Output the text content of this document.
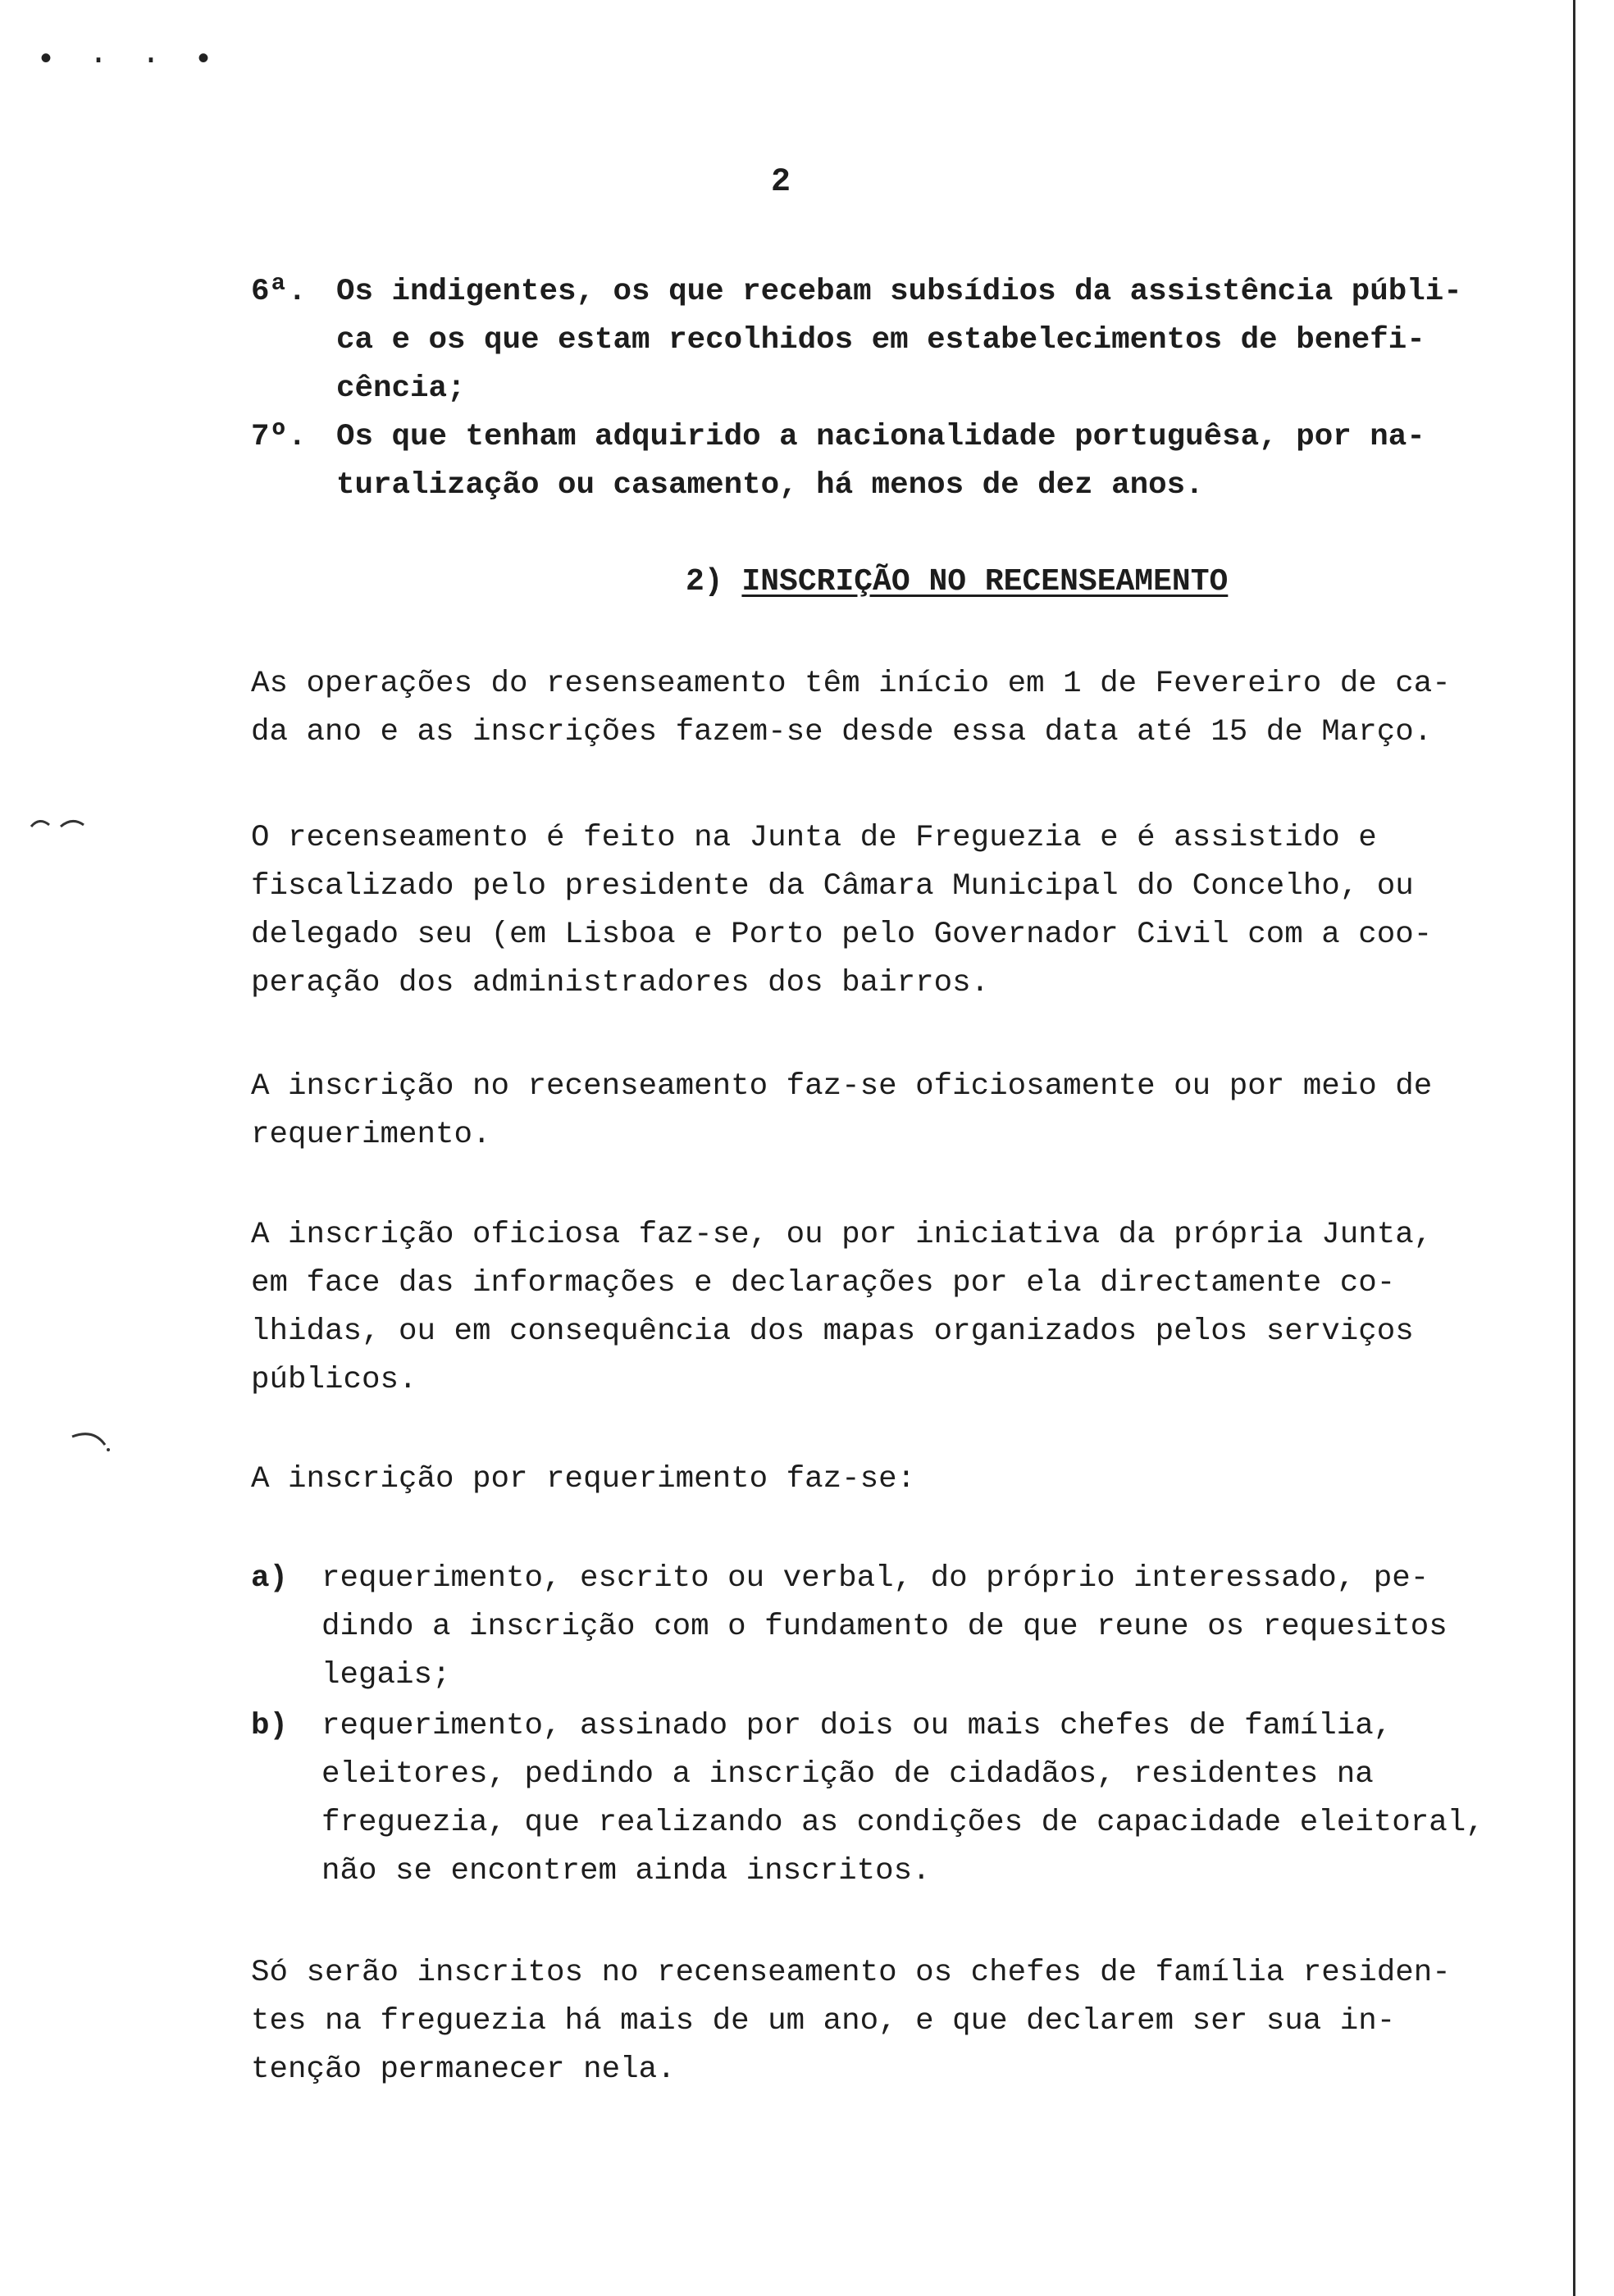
• · · •
2
6ª. Os indigentes, os que recebam subsídios da assistência públi-
ca e os que estam recolhidos em estabelecimentos de benefi-
cência;
7º. Os que tenham adquirido a nacionalidade portuguêsa, por na-
turalização ou casamento, há menos de dez anos.
2) INSCRIÇÃO NO RECENSEAMENTO
As operações do resenseamento têm início em 1 de Fevereiro de ca-
da ano e as inscrições fazem-se desde essa data até 15 de Março.
O recenseamento é feito na Junta de Freguezia e é assistido e
fiscalizado pelo presidente da Câmara Municipal do Concelho, ou
delegado seu (em Lisboa e Porto pelo Governador Civil com a coo-
peração dos administradores dos bairros.
A inscrição no recenseamento faz-se oficiosamente ou por meio de
requerimento.
A inscrição oficiosa faz-se, ou por iniciativa da própria Junta,
em face das informações e declarações por ela directamente co-
lhidas, ou em consequência dos mapas organizados pelos serviços
públicos.
A inscrição por requerimento faz-se:
a) requerimento, escrito ou verbal, do próprio interessado, pe-
dindo a inscrição com o fundamento de que reune os requesitos
legais;
b) requerimento, assinado por dois ou mais chefes de família,
eleitores, pedindo a inscrição de cidadãos, residentes na
freguezia, que realizando as condições de capacidade eleitoral,
não se encontrem ainda inscritos.
Só serão inscritos no recenseamento os chefes de família residen-
tes na freguezia há mais de um ano, e que declarem ser sua in-
tenção permanecer nela.
